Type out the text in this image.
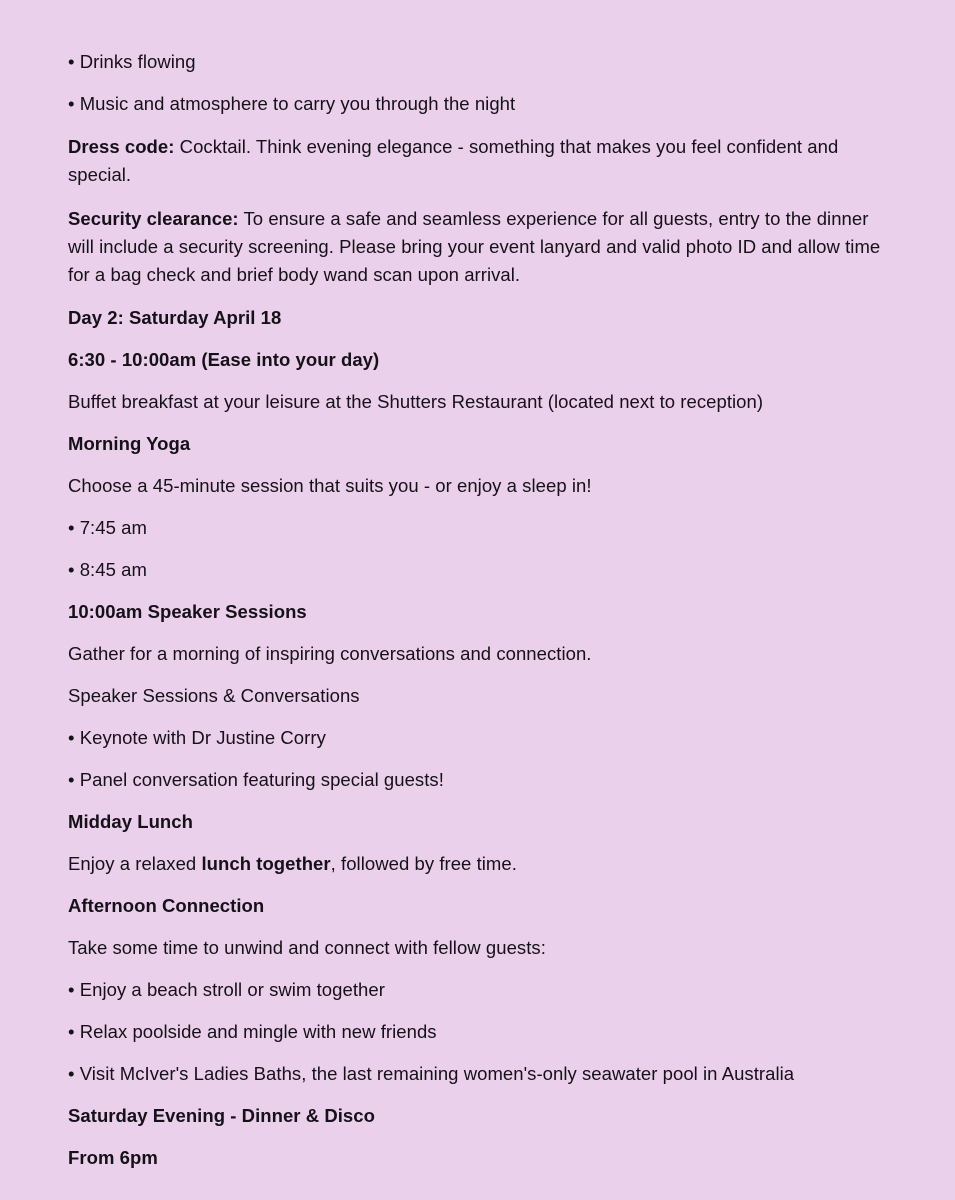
• Drinks flowing

• Music and atmosphere to carry you through the night

Dress code: Cocktail. Think evening elegance - something that makes you feel confident and special.

Security clearance: To ensure a safe and seamless experience for all guests, entry to the dinner will include a security screening. Please bring your event lanyard and valid photo ID and allow time for a bag check and brief body wand scan upon arrival.

Day 2: Saturday April 18

6:30 - 10:00am (Ease into your day)

Buffet breakfast at your leisure at the Shutters Restaurant (located next to reception)

Morning Yoga

Choose a 45-minute session that suits you - or enjoy a sleep in!

• 7:45 am

• 8:45 am

10:00am Speaker Sessions

Gather for a morning of inspiring conversations and connection.

Speaker Sessions & Conversations

• Keynote with Dr Justine Corry

• Panel conversation featuring special guests!

Midday Lunch

Enjoy a relaxed lunch together, followed by free time.

Afternoon Connection

Take some time to unwind and connect with fellow guests:

• Enjoy a beach stroll or swim together

• Relax poolside and mingle with new friends

• Visit McIver's Ladies Baths, the last remaining women's-only seawater pool in Australia

Saturday Evening - Dinner & Disco

From 6pm
